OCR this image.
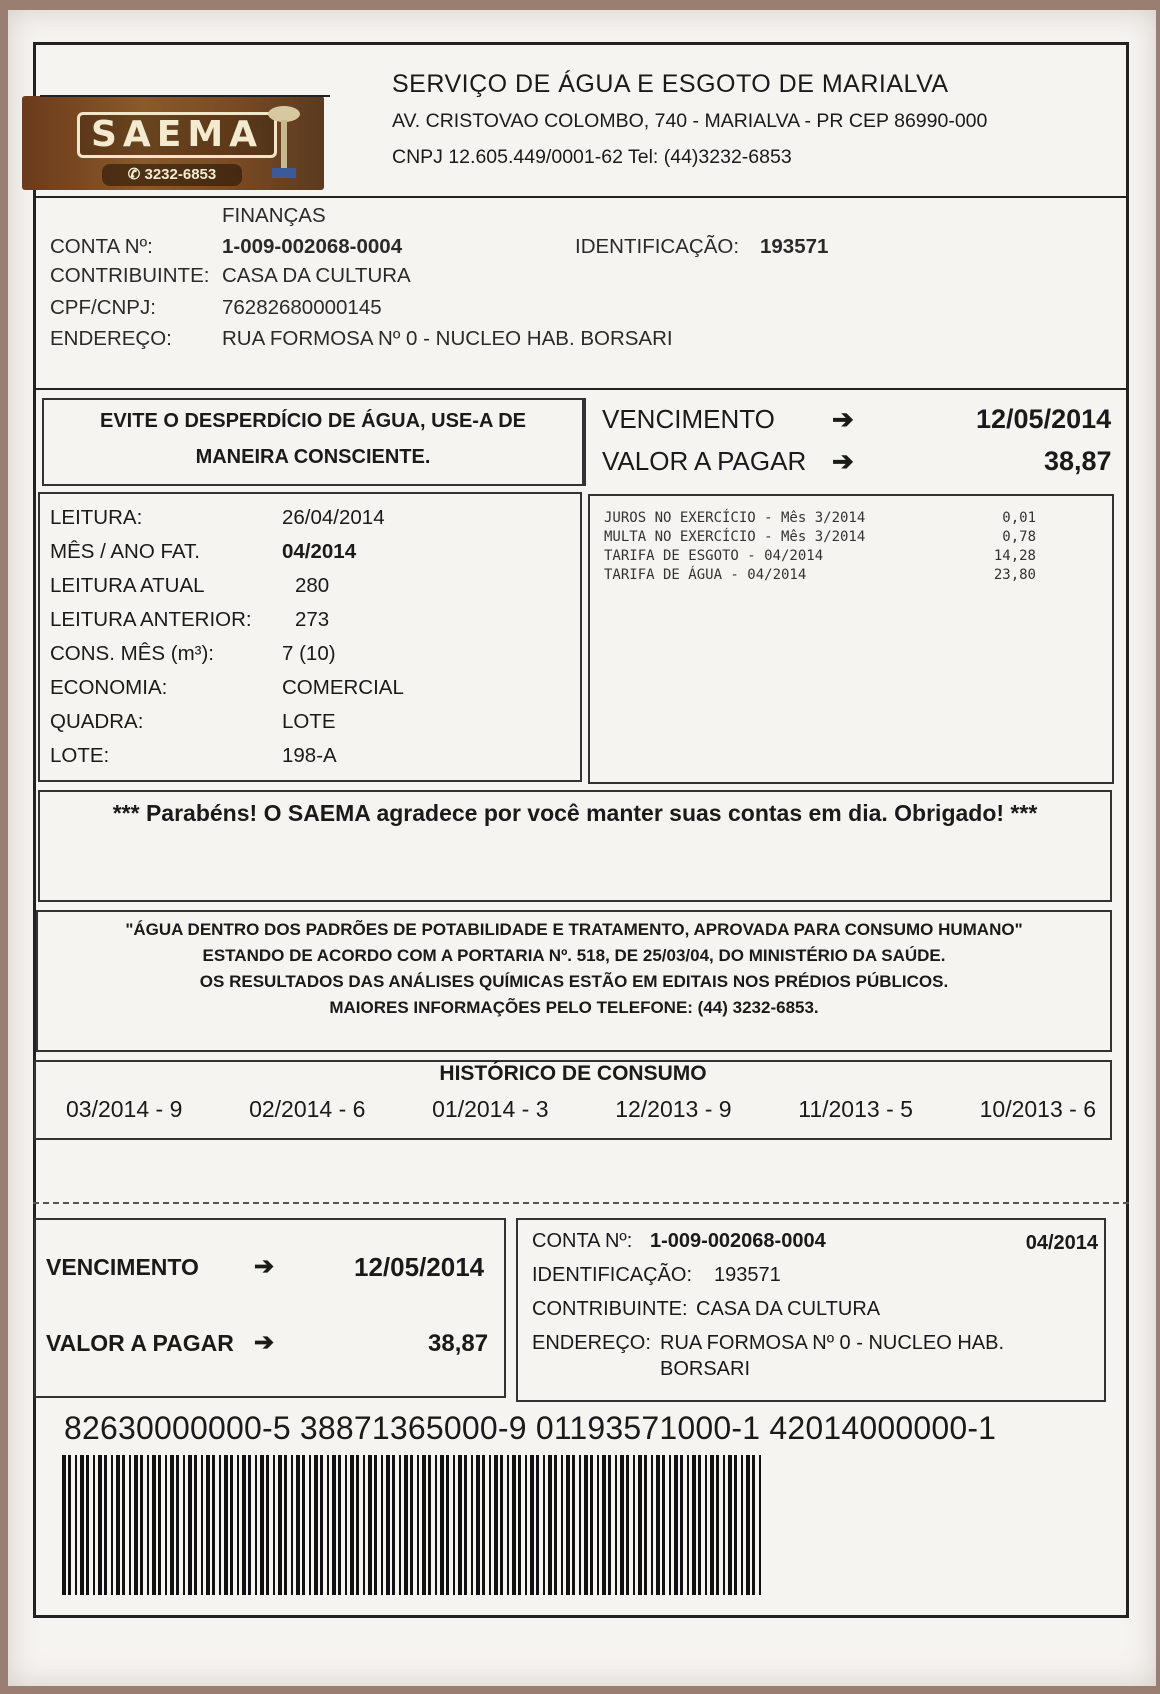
SAEMA
✆ 3232-6853
SERVIÇO DE ÁGUA E ESGOTO DE MARIALVA
AV. CRISTOVAO COLOMBO, 740 - MARIALVA - PR CEP 86990-000
CNPJ 12.605.449/0001-62 Tel: (44)3232-6853
FINANÇAS
CONTA Nº:	1-009-002068-0004	IDENTIFICAÇÃO: 193571
CONTRIBUINTE: CASA DA CULTURA
CPF/CNPJ:	76282680000145
ENDEREÇO: RUA FORMOSA Nº 0 - NUCLEO HAB. BORSARI
EVITE O DESPERDÍCIO DE ÁGUA, USE-A DE
MANEIRA CONSCIENTE.
VENCIMENTO ➔	12/05/2014
VALOR A PAGAR ➔	38,87
LEITURA:	26/04/2014
MÊS / ANO FAT.	04/2014
LEITURA ATUAL	280
LEITURA ANTERIOR:	273
CONS. MÊS (m³):	7 (10)
ECONOMIA:	COMERCIAL
QUADRA:	LOTE
LOTE:	198-A
JUROS NO EXERCÍCIO - Mês 3/2014	0,01
MULTA NO EXERCÍCIO - Mês 3/2014	0,78
TARIFA DE ESGOTO - 04/2014	14,28
TARIFA DE ÁGUA - 04/2014	23,80
*** Parabéns! O SAEMA agradece por você manter suas contas em dia. Obrigado! ***
"ÁGUA DENTRO DOS PADRÕES DE POTABILIDADE E TRATAMENTO, APROVADA PARA CONSUMO HUMANO"
ESTANDO DE ACORDO COM A PORTARIA Nº. 518, DE 25/03/04, DO MINISTÉRIO DA SAÚDE.
OS RESULTADOS DAS ANÁLISES QUÍMICAS ESTÃO EM EDITAIS NOS PRÉDIOS PÚBLICOS.
MAIORES INFORMAÇÕES PELO TELEFONE: (44) 3232-6853.
HISTÓRICO DE CONSUMO
03/2014 - 9	02/2014 - 6	01/2014 - 3	12/2013 - 9	11/2013 - 5	10/2013 - 6
VENCIMENTO ➔	12/05/2014
VALOR A PAGAR ➔	38,87
CONTA Nº: 1-009-002068-0004	04/2014
IDENTIFICAÇÃO: 193571
CONTRIBUINTE: CASA DA CULTURA
ENDEREÇO: RUA FORMOSA Nº 0 - NUCLEO HAB.
BORSARI
82630000000-5 38871365000-9 01193571000-1 42014000000-1
